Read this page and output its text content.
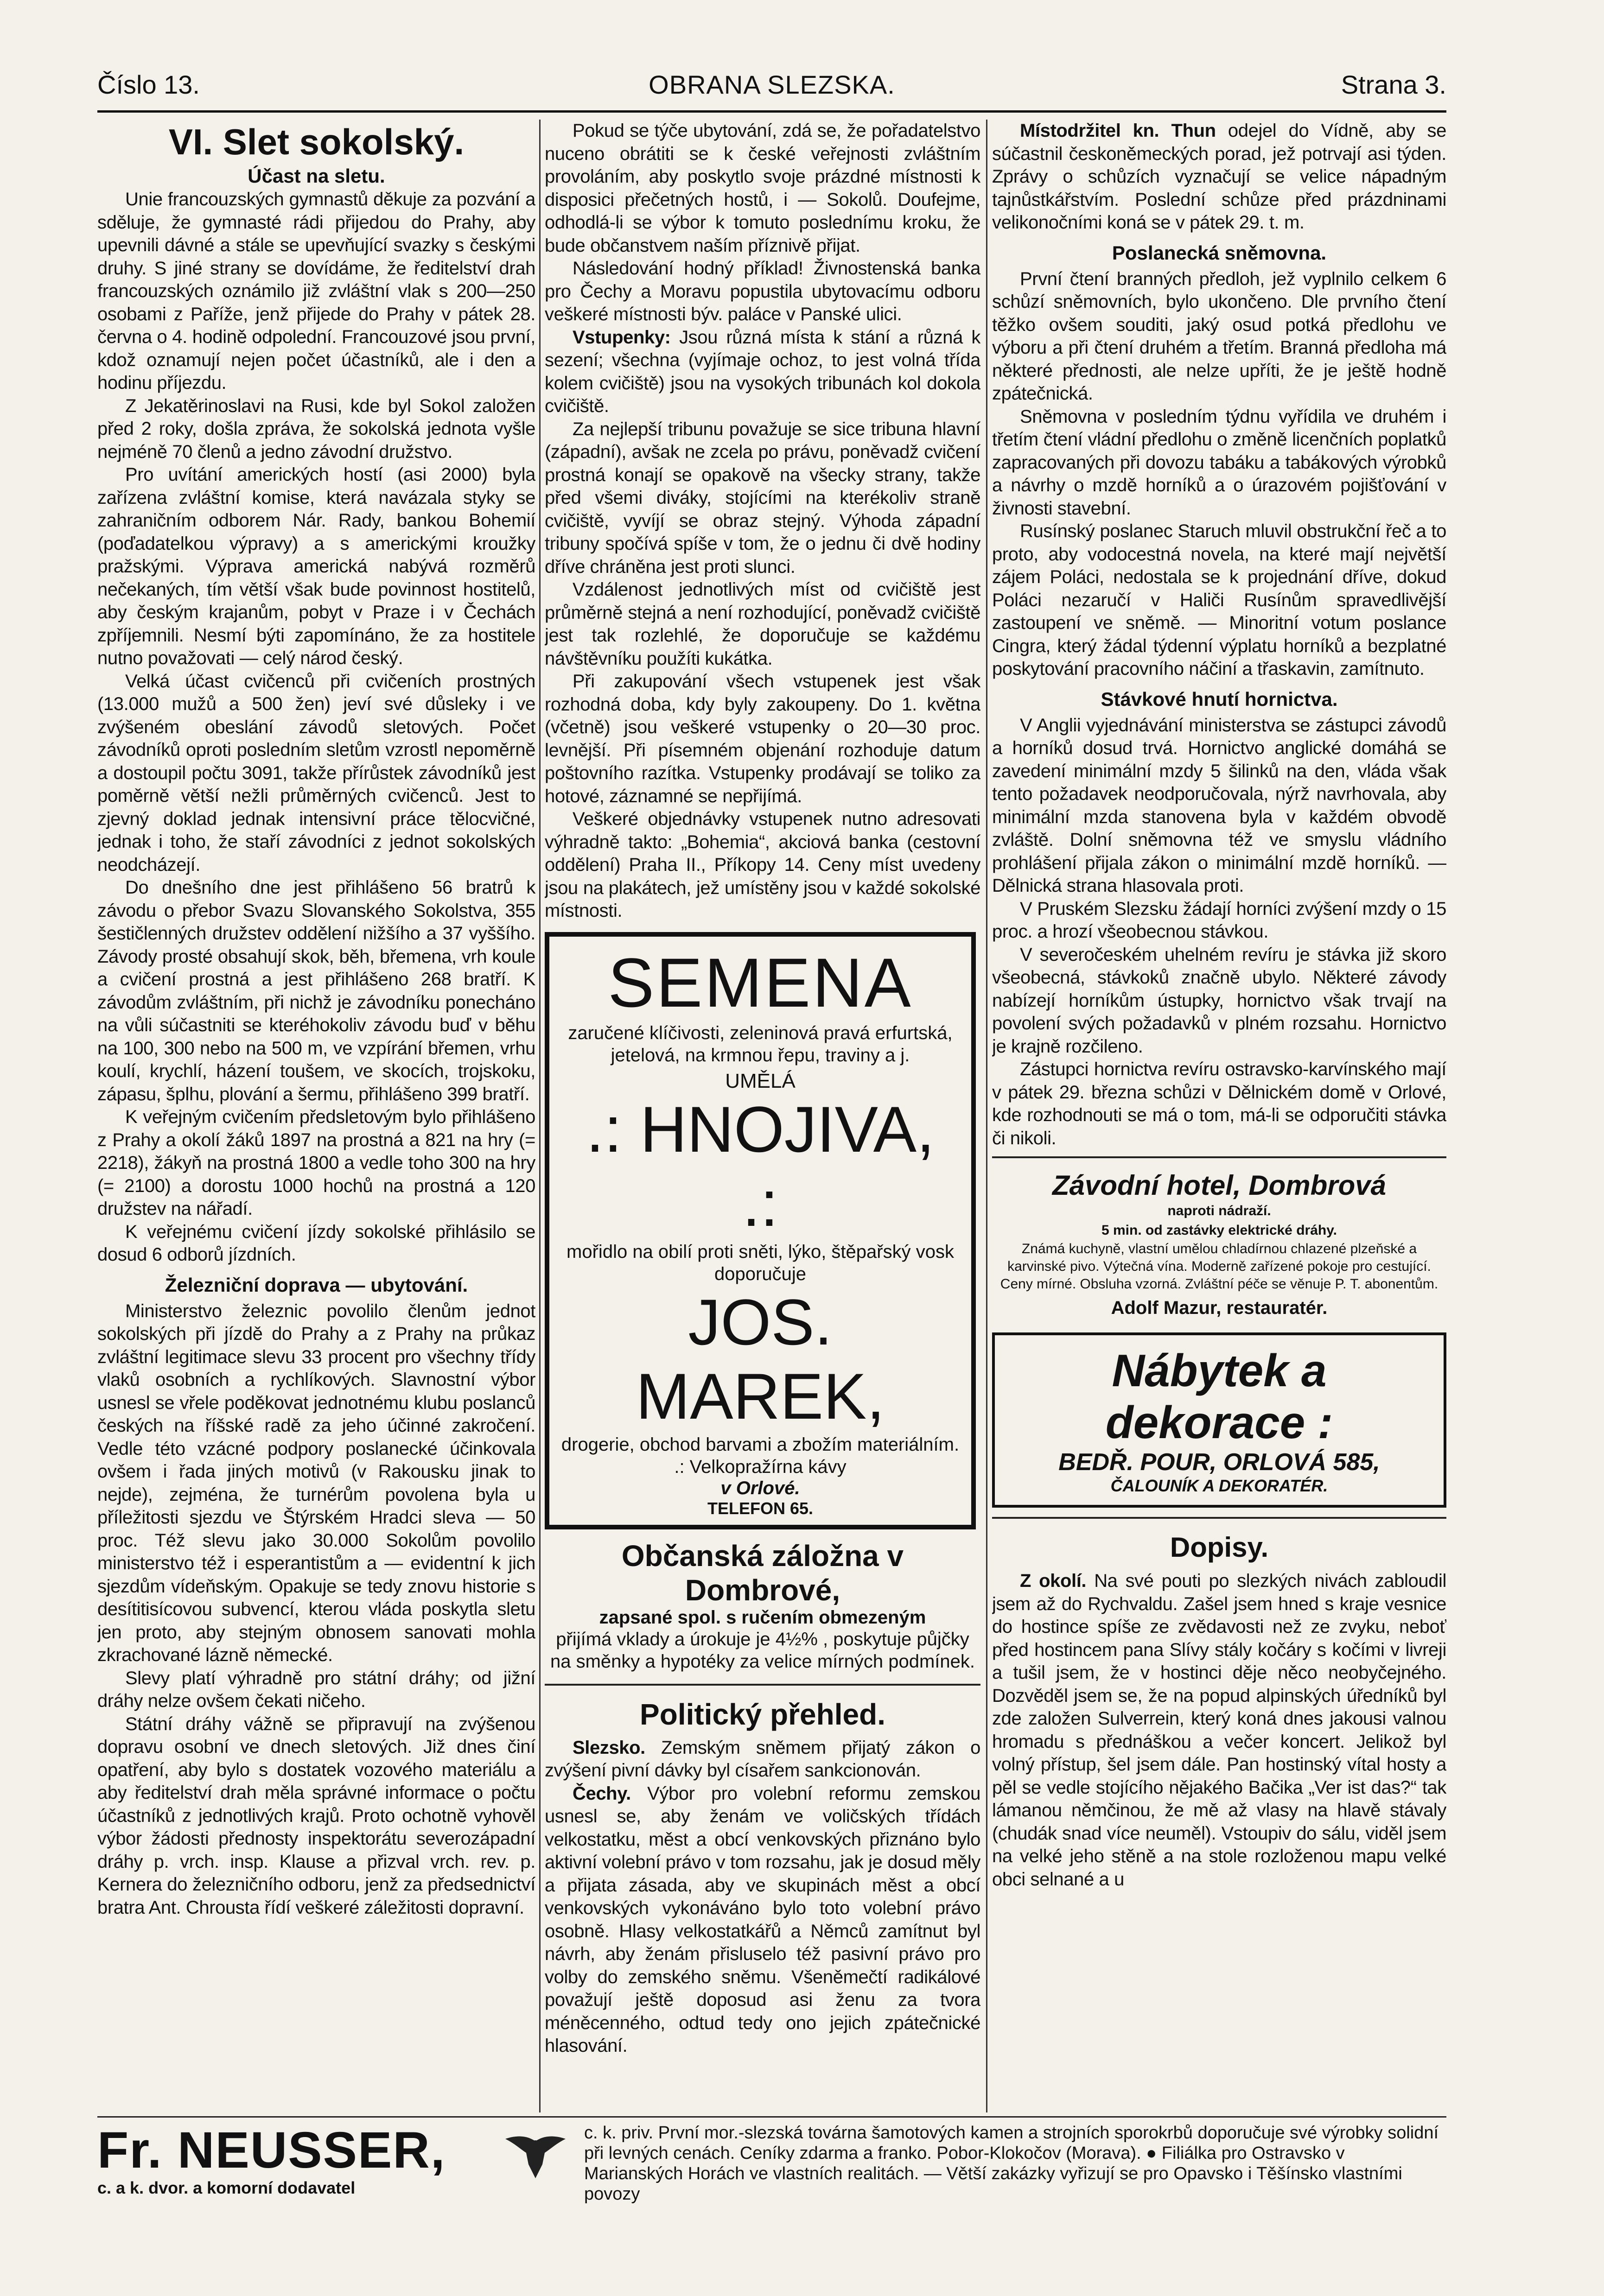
Číslo 13.	OBRANA SLEZSKA.	Strana 3.

VI. Slet sokolský.

Účast na sletu.

Unie francouzských gymnastů děkuje za pozvání a sděluje, že gymnasté rádi přijedou do Prahy, aby upevnili dávné a stále se upevňující svazky s českými druhy. S jiné strany se dovídáme, že ředitelství drah francouzských oznámilo již zvláštní vlak s 200—250 osobami z Paříže, jenž přijede do Prahy v pátek 28. června o 4. hodině odpolední. Francouzové jsou první, kdož oznamují nejen počet účastníků, ale i den a hodinu příjezdu.

Z Jekatěrinoslavi na Rusi, kde byl Sokol založen před 2 roky, došla zpráva, že sokolská jednota vyšle nejméně 70 členů a jedno závodní družstvo.

Pro uvítání amerických hostí (asi 2000) byla zařízena zvláštní komise, která navázala styky se zahraničním odborem Nár. Rady, bankou Bohemií (poďadatelkou výpravy) a s americkými kroužky pražskými. Výprava americká nabývá rozměrů nečekaných, tím větší však bude povinnost hostitelů, aby českým krajanům, pobyt v Praze i v Čechách zpříjemnili. Nesmí býti zapomínáno, že za hostitele nutno považovati — celý národ český.

Velká účast cvičenců při cvičeních prostných (13.000 mužů a 500 žen) jeví své důsleky i ve zvýšeném obeslání závodů sletových. Počet závodníků oproti posledním sletům vzrostl nepoměrně a dostoupil počtu 3091, takže přírůstek závodníků jest poměrně větší nežli průměrných cvičenců. Jest to zjevný doklad jednak intensivní práce tělocvičné, jednak i toho, že staří závodníci z jednot sokolských neodcházejí.

Do dnešního dne jest přihlášeno 56 bratrů k závodu o přebor Svazu Slovanského Sokolstva, 355 šestičlenných družstev oddělení nižšího a 37 vyššího. Závody prosté obsahují skok, běh, břemena, vrh koule a cvičení prostná a jest přihlášeno 268 bratří. K závodům zvláštním, při nichž je závodníku ponecháno na vůli súčastniti se kteréhokoliv závodu buď v běhu na 100, 300 nebo na 500 m, ve vzpírání břemen, vrhu koulí, krychlí, házení toušem, ve skocích, trojskoku, zápasu, šplhu, plování a šermu, přihlášeno 399 bratří.

K veřejným cvičením předsletovým bylo přihlášeno z Prahy a okolí žáků 1897 na prostná a 821 na hry (= 2218), žákyň na prostná 1800 a vedle toho 300 na hry (= 2100) a dorostu 1000 hochů na prostná a 120 družstev na nářadí.

K veřejnému cvičení jízdy sokolské přihlásilo se dosud 6 odborů jízdních.

Železniční doprava — ubytování.

Ministerstvo železnic povolilo členům jednot sokolských při jízdě do Prahy a z Prahy na průkaz zvláštní legitimace slevu 33 procent pro všechny třídy vlaků osobních a rychlíkových. Slavnostní výbor usnesl se vřele poděkovat jednotnému klubu poslanců českých na říšské radě za jeho účinné zakročení. Vedle této vzácné podpory poslanecké účinkovala ovšem i řada jiných motivů (v Rakousku jinak to nejde), zejména, že turnérům povolena byla u příležitosti sjezdu ve Štýrském Hradci sleva — 50 proc. Též slevu jako 30.000 Sokolům povolilo ministerstvo též i esperantistům a — evidentní k jich sjezdům vídeňským. Opakuje se tedy znovu historie s desítitisícovou subvencí, kterou vláda poskytla sletu jen proto, aby stejným obnosem sanovati mohla zkrachované lázně německé.

Slevy platí výhradně pro státní dráhy; od jižní dráhy nelze ovšem čekati ničeho.

Státní dráhy vážně se připravují na zvýšenou dopravu osobní ve dnech sletových. Již dnes činí opatření, aby bylo s dostatek vozového materiálu a aby ředitelství drah měla správné informace o počtu účastníků z jednotlivých krajů. Proto ochotně vyhověl výbor žádosti přednosty inspektorátu severozápadní dráhy p. vrch. insp. Klause a přizval vrch. rev. p. Kernera do železničního odboru, jenž za předsednictví bratra Ant. Chrousta řídí veškeré záležitosti dopravní.

Pokud se týče ubytování, zdá se, že pořadatelstvo nuceno obrátiti se k české veřejnosti zvláštním provoláním, aby poskytlo svoje prázdné místnosti k disposici přečetných hostů, i — Sokolů. Doufejme, odhodlá-li se výbor k tomuto poslednímu kroku, že bude občanstvem naším příznivě přijat.

Následování hodný příklad! Živnostenská banka pro Čechy a Moravu popustila ubytovacímu odboru veškeré místnosti býv. paláce v Panské ulici.

Vstupenky: Jsou různá místa k stání a různá k sezení; všechna (vyjímaje ochoz, to jest volná třída kolem cvičiště) jsou na vysokých tribunách kol dokola cvičiště.

Za nejlepší tribunu považuje se sice tribuna hlavní (západní), avšak ne zcela po právu, poněvadž cvičení prostná konají se opakově na všecky strany, takže před všemi diváky, stojícími na kterékoliv straně cvičiště, vyvíjí se obraz stejný. Výhoda západní tribuny spočívá spíše v tom, že o jednu či dvě hodiny dříve chráněna jest proti slunci.

Vzdálenost jednotlivých míst od cvičiště jest průměrně stejná a není rozhodující, poněvadž cvičiště jest tak rozlehlé, že doporučuje se každému návštěvníku použíti kukátka.

Při zakupování všech vstupenek jest však rozhodná doba, kdy byly zakoupeny. Do 1. května (včetně) jsou veškeré vstupenky o 20—30 proc. levnější. Při písemném objenání rozhoduje datum poštovního razítka. Vstupenky prodávají se toliko za hotové, záznamné se nepřijímá.

Veškeré objednávky vstupenek nutno adresovati výhradně takto: „Bohemia“, akciová banka (cestovní oddělení) Praha II., Příkopy 14. Ceny míst uvedeny jsou na plakátech, jež umístěny jsou v každé sokolské místnosti.

SEMENA
zaručené klíčivosti, zeleninová pravá erfurtská, jetelová, na krmnou řepu, traviny a j.
UMĚLÁ
.: HNOJIVA, .:
mořidlo na obilí proti sněti, lýko, štěpařský vosk doporučuje
JOS. MAREK,
drogerie, obchod barvami a zbožím materiálním. .: Velkopražírna kávy
v Orlové.
TELEFON 65.
Občanská záložna v Dombrové,
zapsané spol. s ručením obmezeným
přijímá vklady a úrokuje je 4½% , poskytuje půjčky na směnky a hypotéky za velice mírných podmínek.

Politický přehled.

Slezsko. Zemským sněmem přijatý zákon o zvýšení pivní dávky byl císařem sankcionován.

Čechy. Výbor pro volební reformu zemskou usnesl se, aby ženám ve voličských třídách velkostatku, měst a obcí venkovských přiznáno bylo aktivní volební právo v tom rozsahu, jak je dosud měly a přijata zásada, aby ve skupinách měst a obcí venkovských vykonáváno bylo toto volební právo osobně. Hlasy velkostatkářů a Němců zamítnut byl návrh, aby ženám přisluselo též pasivní právo pro volby do zemského sněmu. Všeněmečtí radikálové považují ještě doposud asi ženu za tvora méněcenného, odtud tedy ono jejich zpátečnické hlasování.

Místodržitel kn. Thun odejel do Vídně, aby se súčastnil českoněmeckých porad, jež potrvají asi týden. Zprávy o schůzích vyznačují se velice nápadným tajnůstkářstvím. Poslední schůze před prázdninami velikonočními koná se v pátek 29. t. m.

Poslanecká sněmovna.

První čtení branných předloh, jež vyplnilo celkem 6 schůzí sněmovních, bylo ukončeno. Dle prvního čtení těžko ovšem souditi, jaký osud potká předlohu ve výboru a při čtení druhém a třetím. Branná předloha má některé přednosti, ale nelze upříti, že je ještě hodně zpátečnická.

Sněmovna v posledním týdnu vyřídila ve druhém i třetím čtení vládní předlohu o změně licenčních poplatků zapracovaných při dovozu tabáku a tabákových výrobků a návrhy o mzdě horníků a o úrazovém pojišťování v živnosti stavební.

Rusínský poslanec Staruch mluvil obstrukční řeč a to proto, aby vodocestná novela, na které mají největší zájem Poláci, nedostala se k projednání dříve, dokud Poláci nezaručí v Haliči Rusínům spravedlivější zastoupení ve sněmě. — Minoritní votum poslance Cingra, který žádal týdenní výplatu horníků a bezplatné poskytování pracovního náčiní a třaskavin, zamítnuto.

Stávkové hnutí hornictva.

V Anglii vyjednávání ministerstva se zástupci závodů a horníků dosud trvá. Hornictvo anglické domáhá se zavedení minimální mzdy 5 šilinků na den, vláda však tento požadavek neodporučovala, nýrž navrhovala, aby minimální mzda stanovena byla v každém obvodě zvláště. Dolní sněmovna též ve smyslu vládního prohlášení přijala zákon o minimální mzdě horníků. — Dělnická strana hlasovala proti.

V Pruském Slezsku žádají horníci zvýšení mzdy o 15 proc. a hrozí všeobecnou stávkou.

V severočeském uhelném revíru je stávka již skoro všeobecná, stávkoků značně ubylo. Některé závody nabízejí horníkům ústupky, hornictvo však trvají na povolení svých požadavků v plném rozsahu. Hornictvo je krajně rozčileno.

Zástupci hornictva revíru ostravsko-karvínského mají v pátek 29. března schůzi v Dělnickém domě v Orlové, kde rozhodnouti se má o tom, má-li se odporučiti stávka či nikoli.

Závodní hotel, Dombrová
naproti nádraží.
5 min. od zastávky elektrické dráhy.
Známá kuchyně, vlastní umělou chladírnou chlazené plzeňské a karvinské pivo. Výtečná vína. Moderně zařízené pokoje pro cestující. Ceny mírné. Obsluha vzorná. Zvláštní péče se věnuje P. T. abonentům.
Adolf Mazur, restauratér.
Nábytek a
dekorace :
BEDŘ. POUR, ORLOVÁ 585,
ČALOUNÍK A DEKORATÉR.

Dopisy.

Z okolí. Na své pouti po slezkých nivách zabloudil jsem až do Rychvaldu. Zašel jsem hned s kraje vesnice do hostince spíše ze zvědavosti než ze zvyku, neboť před hostincem pana Slívy stály kočáry s kočími v livreji a tušil jsem, že v hostinci děje něco neobyčejného. Dozvěděl jsem se, že na popud alpinských úředníků byl zde založen Sulverrein, který koná dnes jakousi valnou hromadu s přednáškou a večer koncert. Jelikož byl volný přístup, šel jsem dále. Pan hostinský vítal hosty a pěl se vedle stojícího nějakého Bačika „Ver ist das?“ tak lámanou němčinou, že mě až vlasy na hlavě stávaly (chudák snad více neuměl). Vstoupiv do sálu, viděl jsem na velké jeho stěně a na stole rozloženou mapu velké obci selnané a u

Fr. NEUSSER,
c. a k. dvor. a komorní dodavatel
c. k. priv. První mor.-slezská továrna šamotových kamen a strojních sporokrbů doporučuje své výrobky solidní při levných cenách. Ceníky zdarma a franko. Pobor-Klokočov (Morava). ● Filiálka pro Ostravsko v Marianských Horách ve vlastních realitách. — Větší zakázky vyřizují se pro Opavsko i Těšínsko vlastními povozy
